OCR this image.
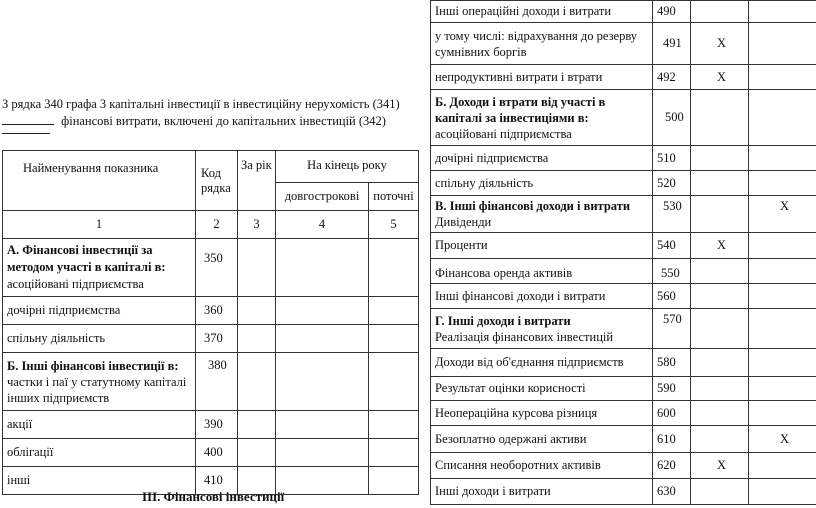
З рядка 340 графа 3 капітальні інвестиції в інвестиційну нерухомість (341)
фінансові витрати, включені до капітальних інвестицій (342)
Найменування показника	Код рядка	За рік	На кінець року	
			довгострокові	поточні
1	2	3	4	5
А. Фінансові інвестиції за методом участі в капіталі в:
асоційовані підприємства	350			
дочірні підприємства	360			
спільну діяльність	370			
Б. Інші фінансові інвестиції в:
частки і паї у статутному капіталі інших підприємств	380			
акції	390			
облігації	400			
інші	410			
ІІІ. Фінансові інвестиції
Інші операційні доходи і витрати	490		
у тому числі: відрахування до резерву сумнівних боргів	491	Х	
непродуктивні витрати і втрати	492	Х	
Б. Доходи і втрати від участі в капіталі за інвестиціями в:
асоційовані підприємства	500		
дочірні підприємства	510		
спільну діяльність	520		
В. Інші фінансові доходи і витрати
Дивіденди	530		Х
Проценти	540	Х	
Фінансова оренда активів	550		
Інші фінансові доходи і витрати	560		
Г. Інші доходи і витрати
Реалізація фінансових інвестицій	570		
Доходи від об'єднання підприємств	580		
Результат оцінки корисності	590		
Неопераційна курсова різниця	600		
Безоплатно одержані активи	610		Х
Списання необоротних активів	620	Х	
Інші доходи і витрати	630		
